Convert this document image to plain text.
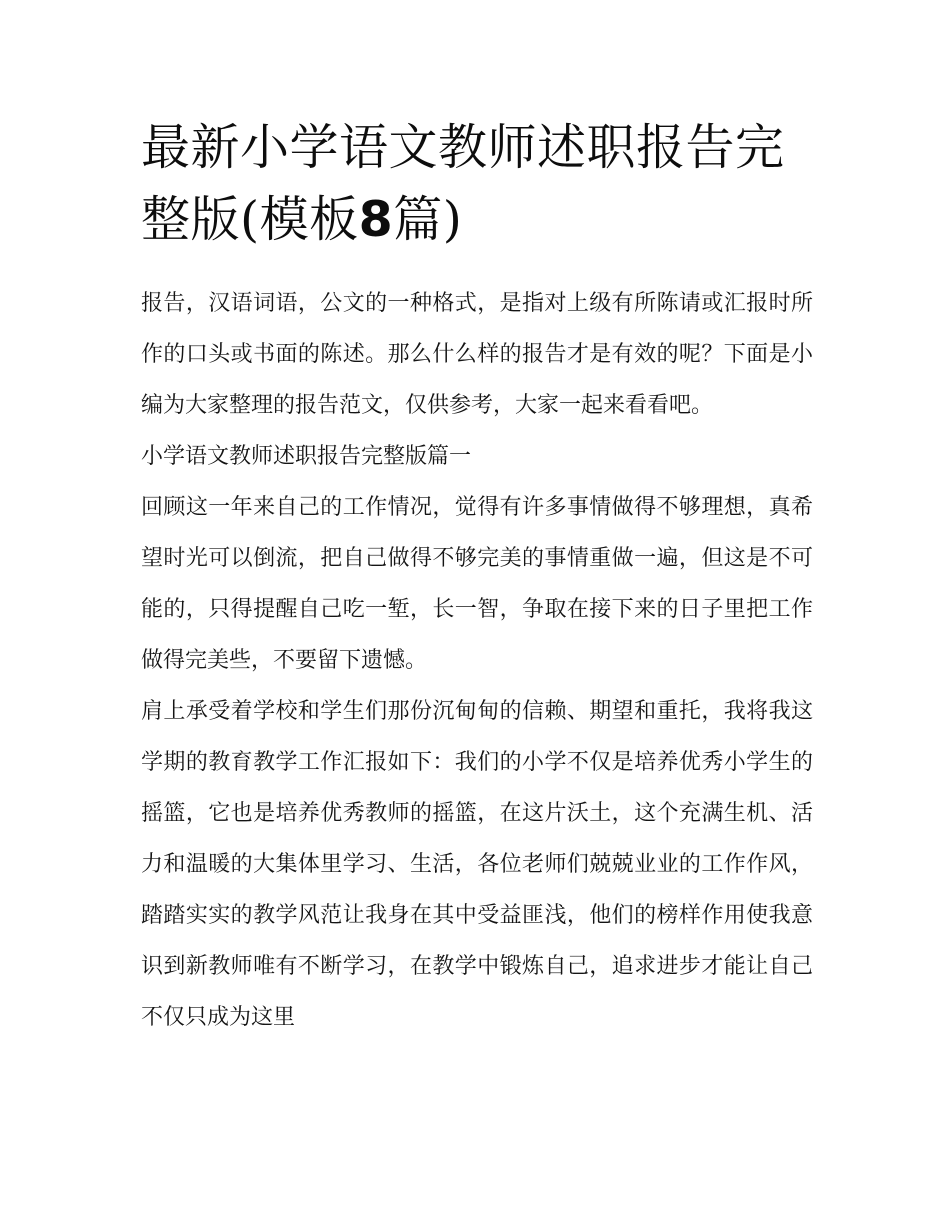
最新小学语文教师述职报告完整版(模板8篇)

报告，汉语词语，公文的一种格式，是指对上级有所陈请或汇报时所作的口头或书面的陈述。那么什么样的报告才是有效的呢？下面是小编为大家整理的报告范文，仅供参考，大家一起来看看吧。

小学语文教师述职报告完整版篇一

回顾这一年来自己的工作情况，觉得有许多事情做得不够理想，真希望时光可以倒流，把自己做得不够完美的事情重做一遍，但这是不可能的，只得提醒自己吃一堑，长一智，争取在接下来的日子里把工作做得完美些，不要留下遗憾。

肩上承受着学校和学生们那份沉甸甸的信赖、期望和重托，我将我这学期的教育教学工作汇报如下：我们的小学不仅是培养优秀小学生的摇篮，它也是培养优秀教师的摇篮，在这片沃土，这个充满生机、活力和温暖的大集体里学习、生活，各位老师们兢兢业业的工作作风，踏踏实实的教学风范让我身在其中受益匪浅，他们的榜样作用使我意识到新教师唯有不断学习，在教学中锻炼自己，追求进步才能让自己不仅只成为这里
